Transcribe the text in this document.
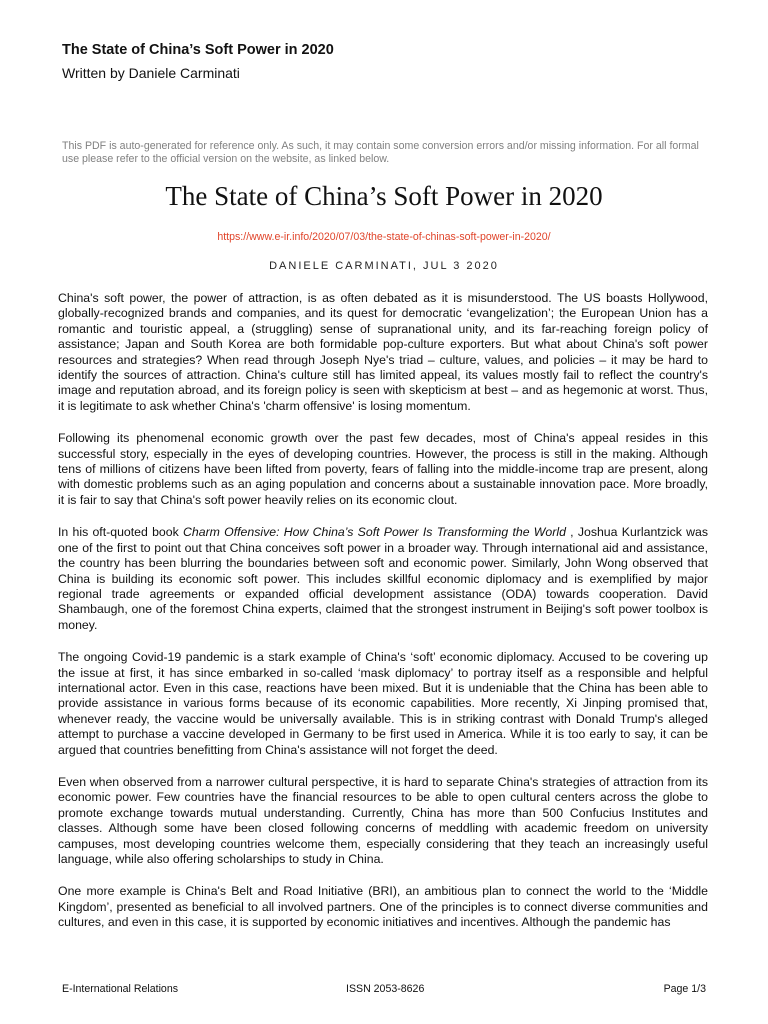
The State of China’s Soft Power in 2020
Written by Daniele Carminati
This PDF is auto-generated for reference only. As such, it may contain some conversion errors and/or missing information. For all formal use please refer to the official version on the website, as linked below.
The State of China’s Soft Power in 2020
https://www.e-ir.info/2020/07/03/the-state-of-chinas-soft-power-in-2020/
DANIELE CARMINATI, JUL 3 2020

China's soft power, the power of attraction, is as often debated as it is misunderstood. The US boasts Hollywood, globally-recognized brands and companies, and its quest for democratic ‘evangelization’; the European Union has a romantic and touristic appeal, a (struggling) sense of supranational unity, and its far-reaching foreign policy of assistance; Japan and South Korea are both formidable pop-culture exporters. But what about China's soft power resources and strategies? When read through Joseph Nye's triad – culture, values, and policies – it may be hard to identify the sources of attraction. China's culture still has limited appeal, its values mostly fail to reflect the country's image and reputation abroad, and its foreign policy is seen with skepticism at best – and as hegemonic at worst. Thus, it is legitimate to ask whether China's 'charm offensive' is losing momentum.

Following its phenomenal economic growth over the past few decades, most of China's appeal resides in this successful story, especially in the eyes of developing countries. However, the process is still in the making. Although tens of millions of citizens have been lifted from poverty, fears of falling into the middle-income trap are present, along with domestic problems such as an aging population and concerns about a sustainable innovation pace. More broadly, it is fair to say that China's soft power heavily relies on its economic clout.

In his oft-quoted book Charm Offensive: How China’s Soft Power Is Transforming the World , Joshua Kurlantzick was one of the first to point out that China conceives soft power in a broader way. Through international aid and assistance, the country has been blurring the boundaries between soft and economic power. Similarly, John Wong observed that China is building its economic soft power. This includes skillful economic diplomacy and is exemplified by major regional trade agreements or expanded official development assistance (ODA) towards cooperation. David Shambaugh, one of the foremost China experts, claimed that the strongest instrument in Beijing's soft power toolbox is money.

The ongoing Covid-19 pandemic is a stark example of China's ‘soft’ economic diplomacy. Accused to be covering up the issue at first, it has since embarked in so-called ‘mask diplomacy’ to portray itself as a responsible and helpful international actor. Even in this case, reactions have been mixed. But it is undeniable that the China has been able to provide assistance in various forms because of its economic capabilities. More recently, Xi Jinping promised that, whenever ready, the vaccine would be universally available. This is in striking contrast with Donald Trump's alleged attempt to purchase a vaccine developed in Germany to be first used in America. While it is too early to say, it can be argued that countries benefitting from China's assistance will not forget the deed.

Even when observed from a narrower cultural perspective, it is hard to separate China's strategies of attraction from its economic power. Few countries have the financial resources to be able to open cultural centers across the globe to promote exchange towards mutual understanding. Currently, China has more than 500 Confucius Institutes and classes. Although some have been closed following concerns of meddling with academic freedom on university campuses, most developing countries welcome them, especially considering that they teach an increasingly useful language, while also offering scholarships to study in China.

One more example is China's Belt and Road Initiative (BRI), an ambitious plan to connect the world to the ‘Middle Kingdom’, presented as beneficial to all involved partners. One of the principles is to connect diverse communities and cultures, and even in this case, it is supported by economic initiatives and incentives. Although the pandemic has

E-International Relations	ISSN 2053-8626	Page 1/3
